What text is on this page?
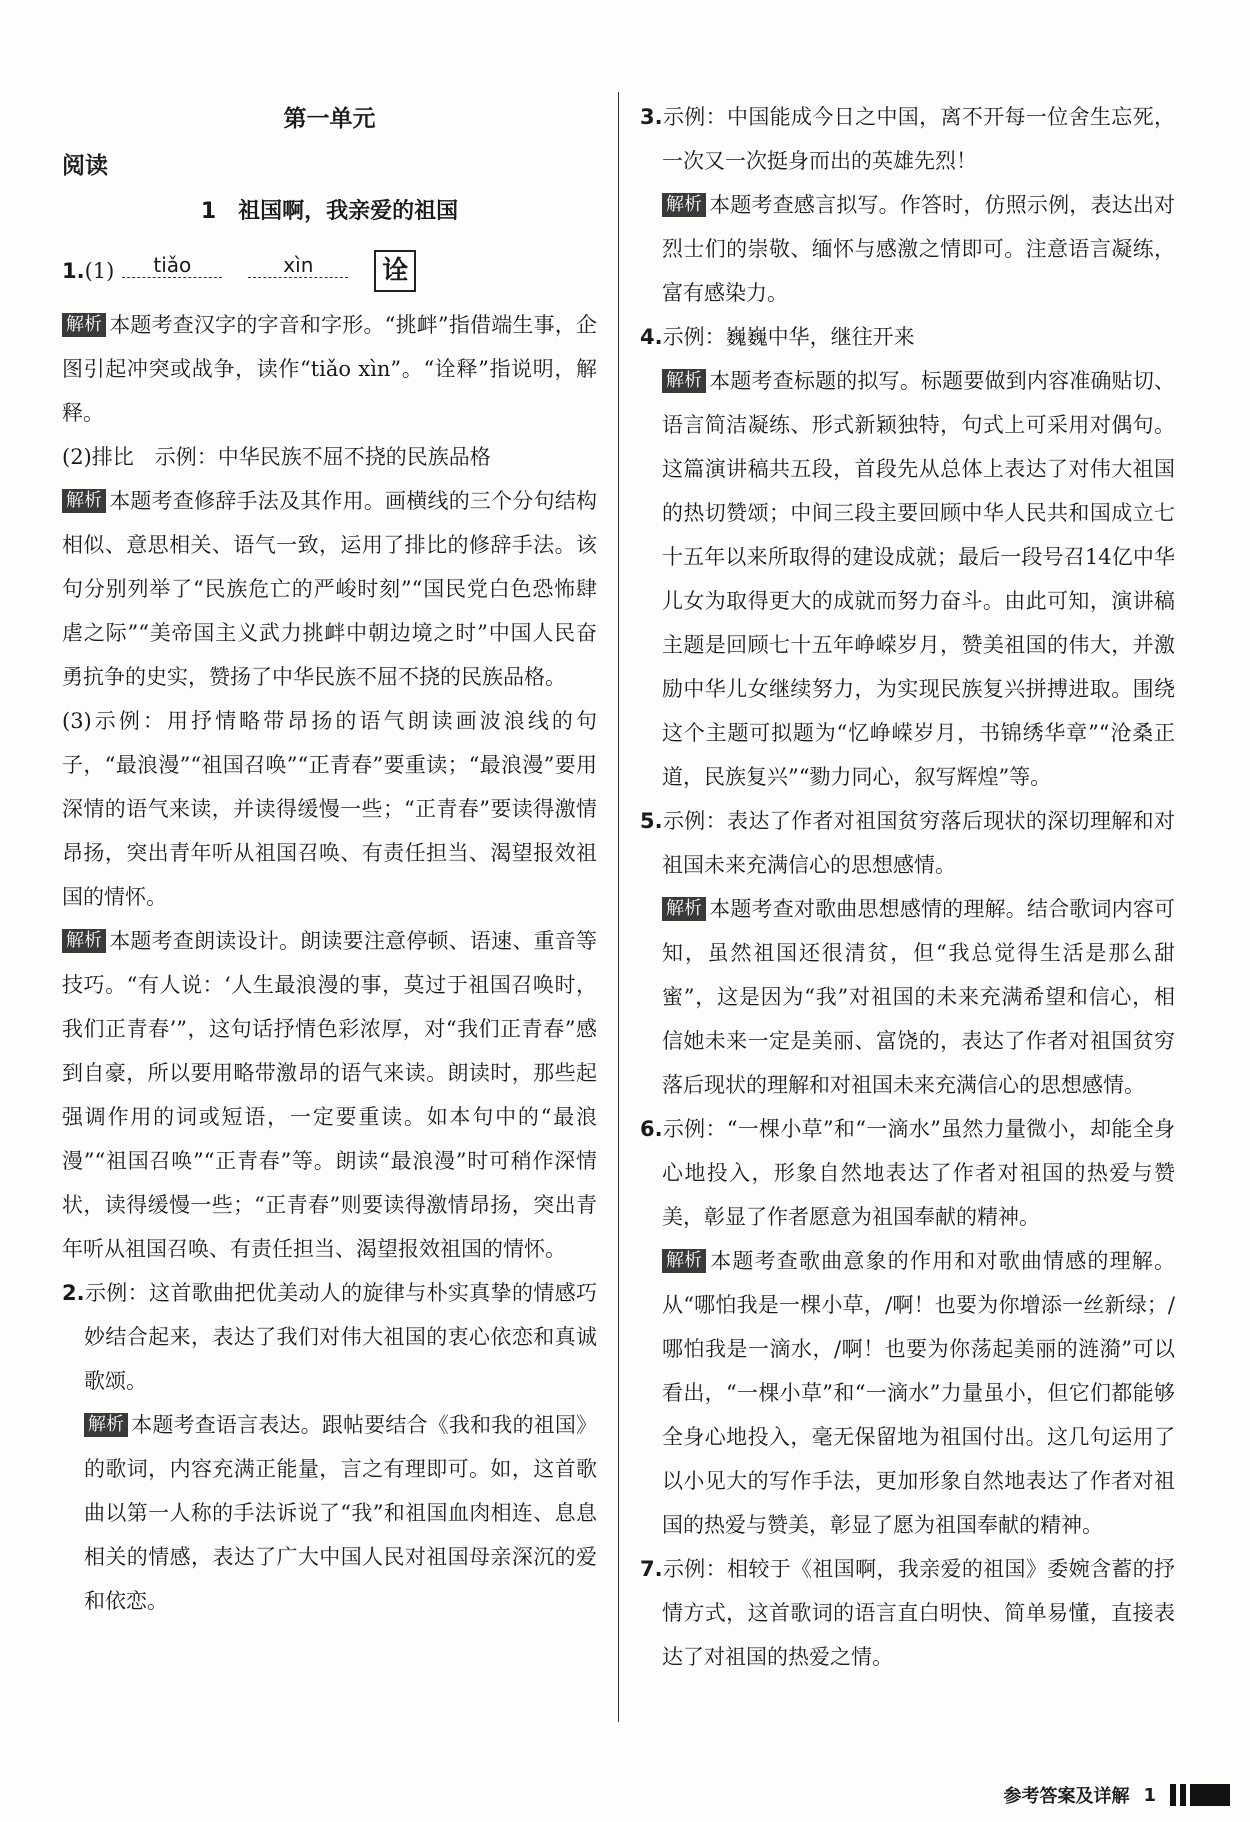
第一单元
阅读
1　祖国啊，我亲爱的祖国
1. (1)	tiǎo	xìn	诠

解析 本题考查汉字的字音和字形。“挑衅”指借端生事，企图引起冲突或战争，读作“tiǎo xìn”。“诠释”指说明，解释。

(2)排比　示例：中华民族不屈不挠的民族品格

解析 本题考查修辞手法及其作用。画横线的三个分句结构相似、意思相关、语气一致，运用了排比的修辞手法。该句分别列举了“民族危亡的严峻时刻”“国民党白色恐怖肆虐之际”“美帝国主义武力挑衅中朝边境之时”中国人民奋勇抗争的史实，赞扬了中华民族不屈不挠的民族品格。

(3)示例：用抒情略带昂扬的语气朗读画波浪线的句子，“最浪漫”“祖国召唤”“正青春”要重读；“最浪漫”要用深情的语气来读，并读得缓慢一些；“正青春”要读得激情昂扬，突出青年听从祖国召唤、有责任担当、渴望报效祖国的情怀。

解析 本题考查朗读设计。朗读要注意停顿、语速、重音等技巧。“有人说：‘人生最浪漫的事，莫过于祖国召唤时，我们正青春’”，这句话抒情色彩浓厚，对“我们正青春”感到自豪，所以要用略带激昂的语气来读。朗读时，那些起强调作用的词或短语，一定要重读。如本句中的“最浪漫”“祖国召唤”“正青春”等。朗读“最浪漫”时可稍作深情状，读得缓慢一些；“正青春”则要读得激情昂扬，突出青年听从祖国召唤、有责任担当、渴望报效祖国的情怀。

2.示例：这首歌曲把优美动人的旋律与朴实真挚的情感巧妙结合起来，表达了我们对伟大祖国的衷心依恋和真诚歌颂。

解析 本题考查语言表达。跟帖要结合《我和我的祖国》的歌词，内容充满正能量，言之有理即可。如，这首歌曲以第一人称的手法诉说了“我”和祖国血肉相连、息息相关的情感，表达了广大中国人民对祖国母亲深沉的爱和依恋。

3.示例：中国能成今日之中国，离不开每一位舍生忘死，一次又一次挺身而出的英雄先烈！

解析 本题考查感言拟写。作答时，仿照示例，表达出对烈士们的崇敬、缅怀与感激之情即可。注意语言凝练，富有感染力。

4.示例：巍巍中华，继往开来

解析 本题考查标题的拟写。标题要做到内容准确贴切、语言简洁凝练、形式新颖独特，句式上可采用对偶句。这篇演讲稿共五段，首段先从总体上表达了对伟大祖国的热切赞颂；中间三段主要回顾中华人民共和国成立七十五年以来所取得的建设成就；最后一段号召14亿中华儿女为取得更大的成就而努力奋斗。由此可知，演讲稿主题是回顾七十五年峥嵘岁月，赞美祖国的伟大，并激励中华儿女继续努力，为实现民族复兴拼搏进取。围绕这个主题可拟题为“忆峥嵘岁月，书锦绣华章”“沧桑正道，民族复兴”“勠力同心，叙写辉煌”等。

5.示例：表达了作者对祖国贫穷落后现状的深切理解和对祖国未来充满信心的思想感情。

解析 本题考查对歌曲思想感情的理解。结合歌词内容可知，虽然祖国还很清贫，但“我总觉得生活是那么甜蜜”，这是因为“我”对祖国的未来充满希望和信心，相信她未来一定是美丽、富饶的，表达了作者对祖国贫穷落后现状的理解和对祖国未来充满信心的思想感情。

6.示例：“一棵小草”和“一滴水”虽然力量微小，却能全身心地投入，形象自然地表达了作者对祖国的热爱与赞美，彰显了作者愿意为祖国奉献的精神。

解析 本题考查歌曲意象的作用和对歌曲情感的理解。从“哪怕我是一棵小草，/啊！也要为你增添一丝新绿；/哪怕我是一滴水，/啊！也要为你荡起美丽的涟漪”可以看出，“一棵小草”和“一滴水”力量虽小，但它们都能够全身心地投入，毫无保留地为祖国付出。这几句运用了以小见大的写作手法，更加形象自然地表达了作者对祖国的热爱与赞美，彰显了愿为祖国奉献的精神。

7.示例：相较于《祖国啊，我亲爱的祖国》委婉含蓄的抒情方式，这首歌词的语言直白明快、简单易懂，直接表达了对祖国的热爱之情。

参考答案及详解 1
